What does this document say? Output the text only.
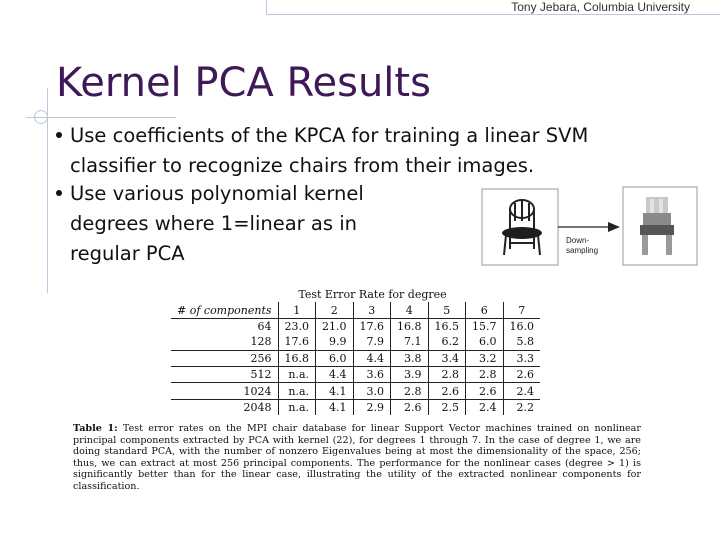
Tony Jebara, Columbia University
Kernel PCA Results
Use coefficients of the KPCA for training a linear SVM
classifier to recognize chairs from their images.
Use various polynomial kernel
degrees where 1=linear as in
regular PCA
Down-
sampling
Test Error Rate for degree							
# of components	1	2	3	4	5	6	7
64	23.0	21.0	17.6	16.8	16.5	15.7	16.0
128	17.6	9.9	7.9	7.1	6.2	6.0	5.8
256	16.8	6.0	4.4	3.8	3.4	3.2	3.3
512	n.a.	4.4	3.6	3.9	2.8	2.8	2.6
1024	n.a.	4.1	3.0	2.8	2.6	2.6	2.4
2048	n.a.	4.1	2.9	2.6	2.5	2.4	2.2
Table 1: Test error rates on the MPI chair database for linear Support Vector machines trained on nonlinear principal components extracted by PCA with kernel (22), for degrees 1 through 7. In the case of degree 1, we are doing standard PCA, with the number of nonzero Eigenvalues being at most the dimensionality of the space, 256; thus, we can extract at most 256 principal components. The performance for the nonlinear cases (degree > 1) is significantly better than for the linear case, illustrating the utility of the extracted nonlinear components for classification.
